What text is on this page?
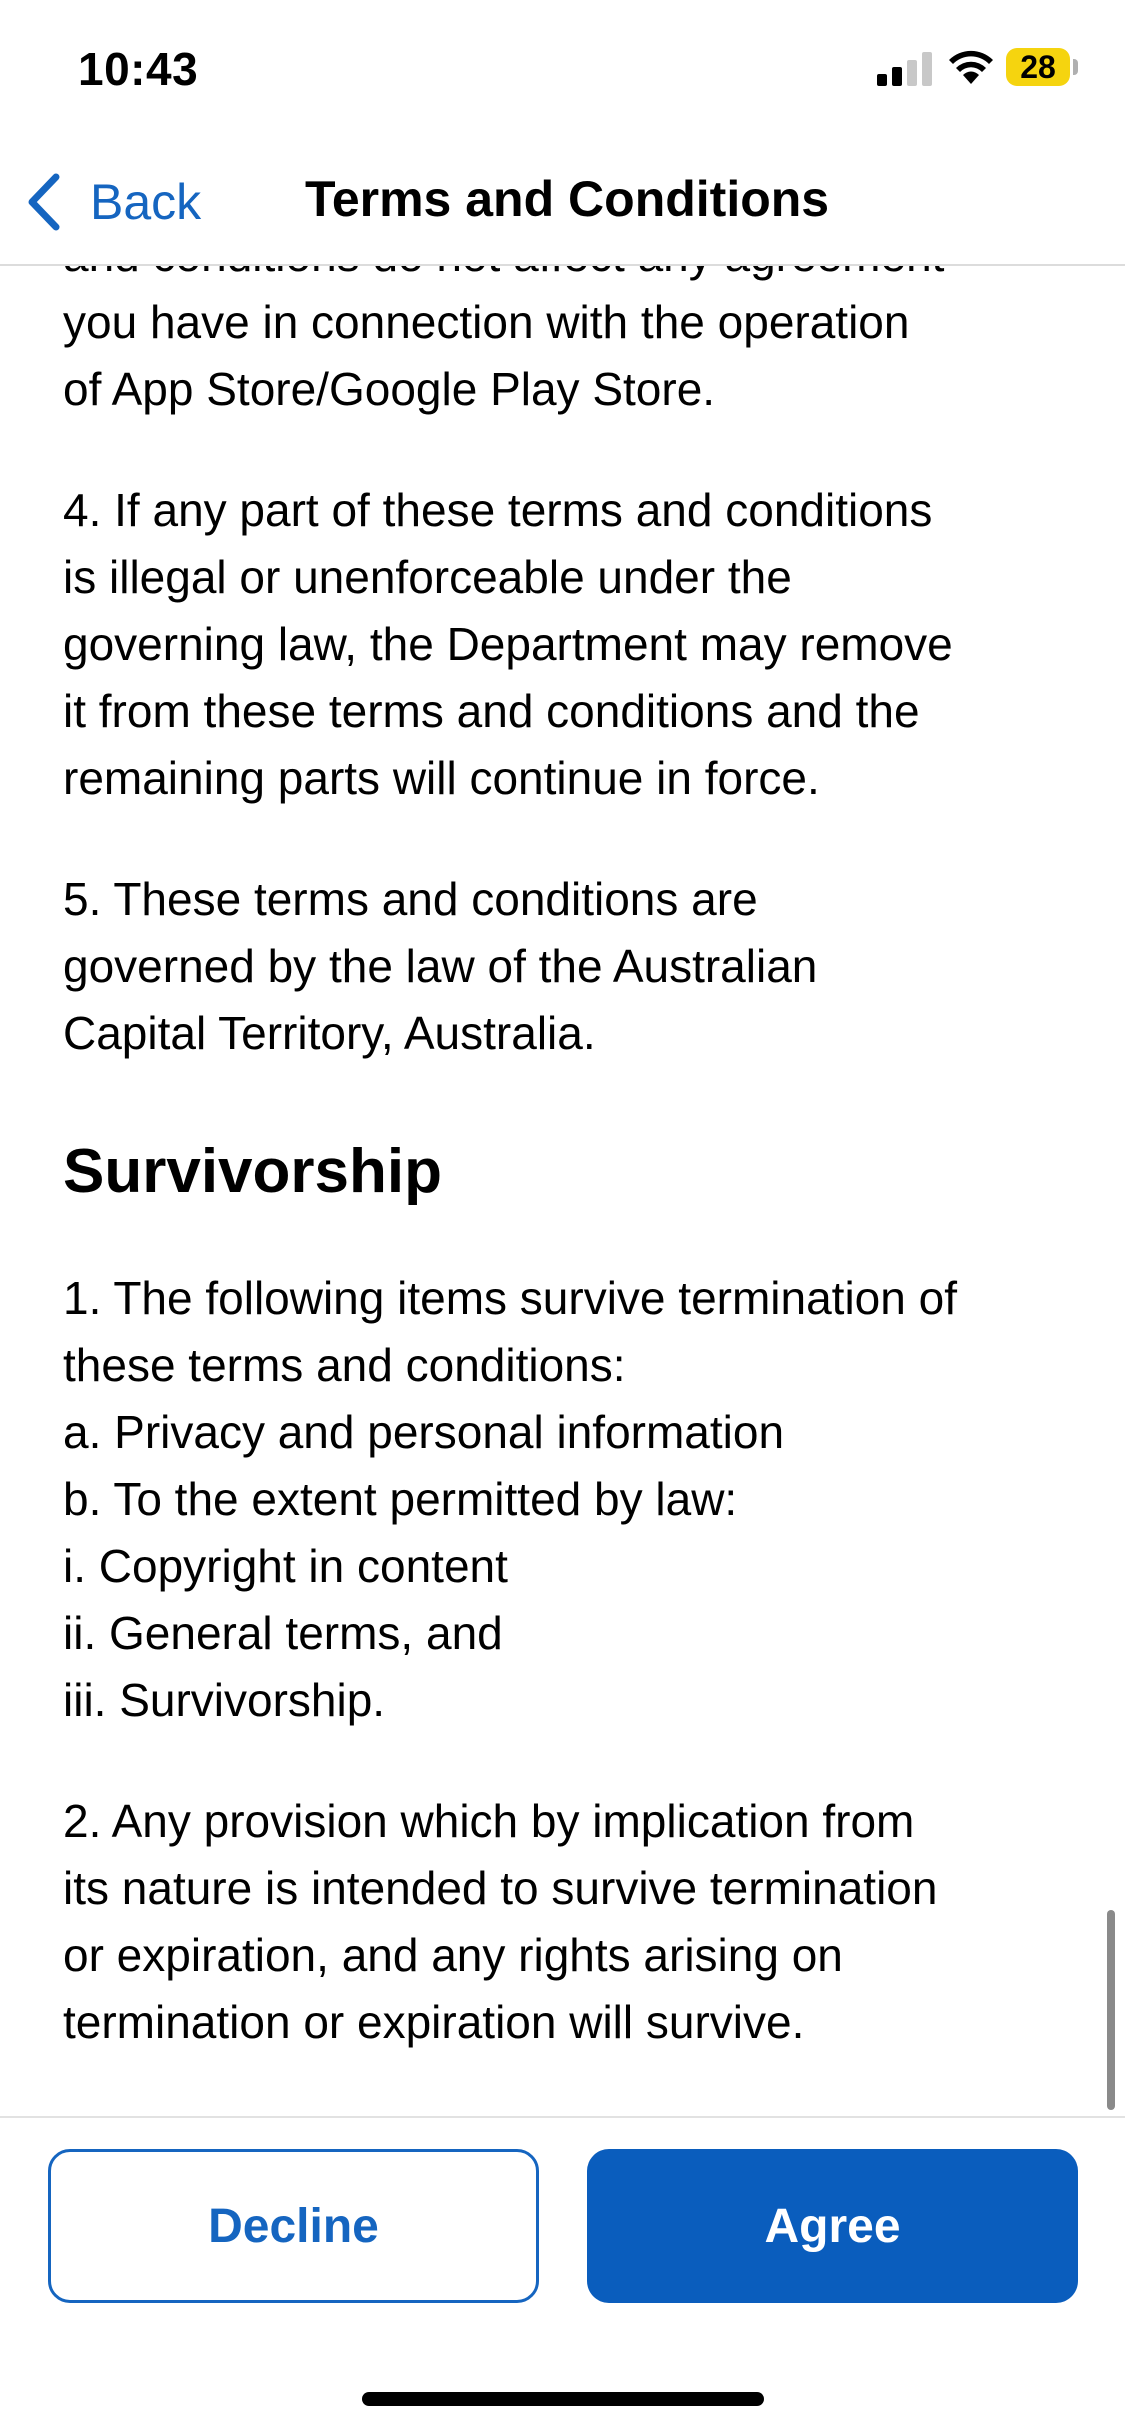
10:43	28
Back Terms and Conditions

you have in connection with the operation
of App Store/Google Play Store.

4. If any part of these terms and conditions
is illegal or unenforceable under the
governing law, the Department may remove
it from these terms and conditions and the
remaining parts will continue in force.

5. These terms and conditions are
governed by the law of the Australian
Capital Territory, Australia.

Survivorship

1. The following items survive termination of
these terms and conditions:
a. Privacy and personal information
b. To the extent permitted by law:
i. Copyright in content
ii. General terms, and
iii. Survivorship.

2. Any provision which by implication from
its nature is intended to survive termination
or expiration, and any rights arising on
termination or expiration will survive.

Decline	Agree
